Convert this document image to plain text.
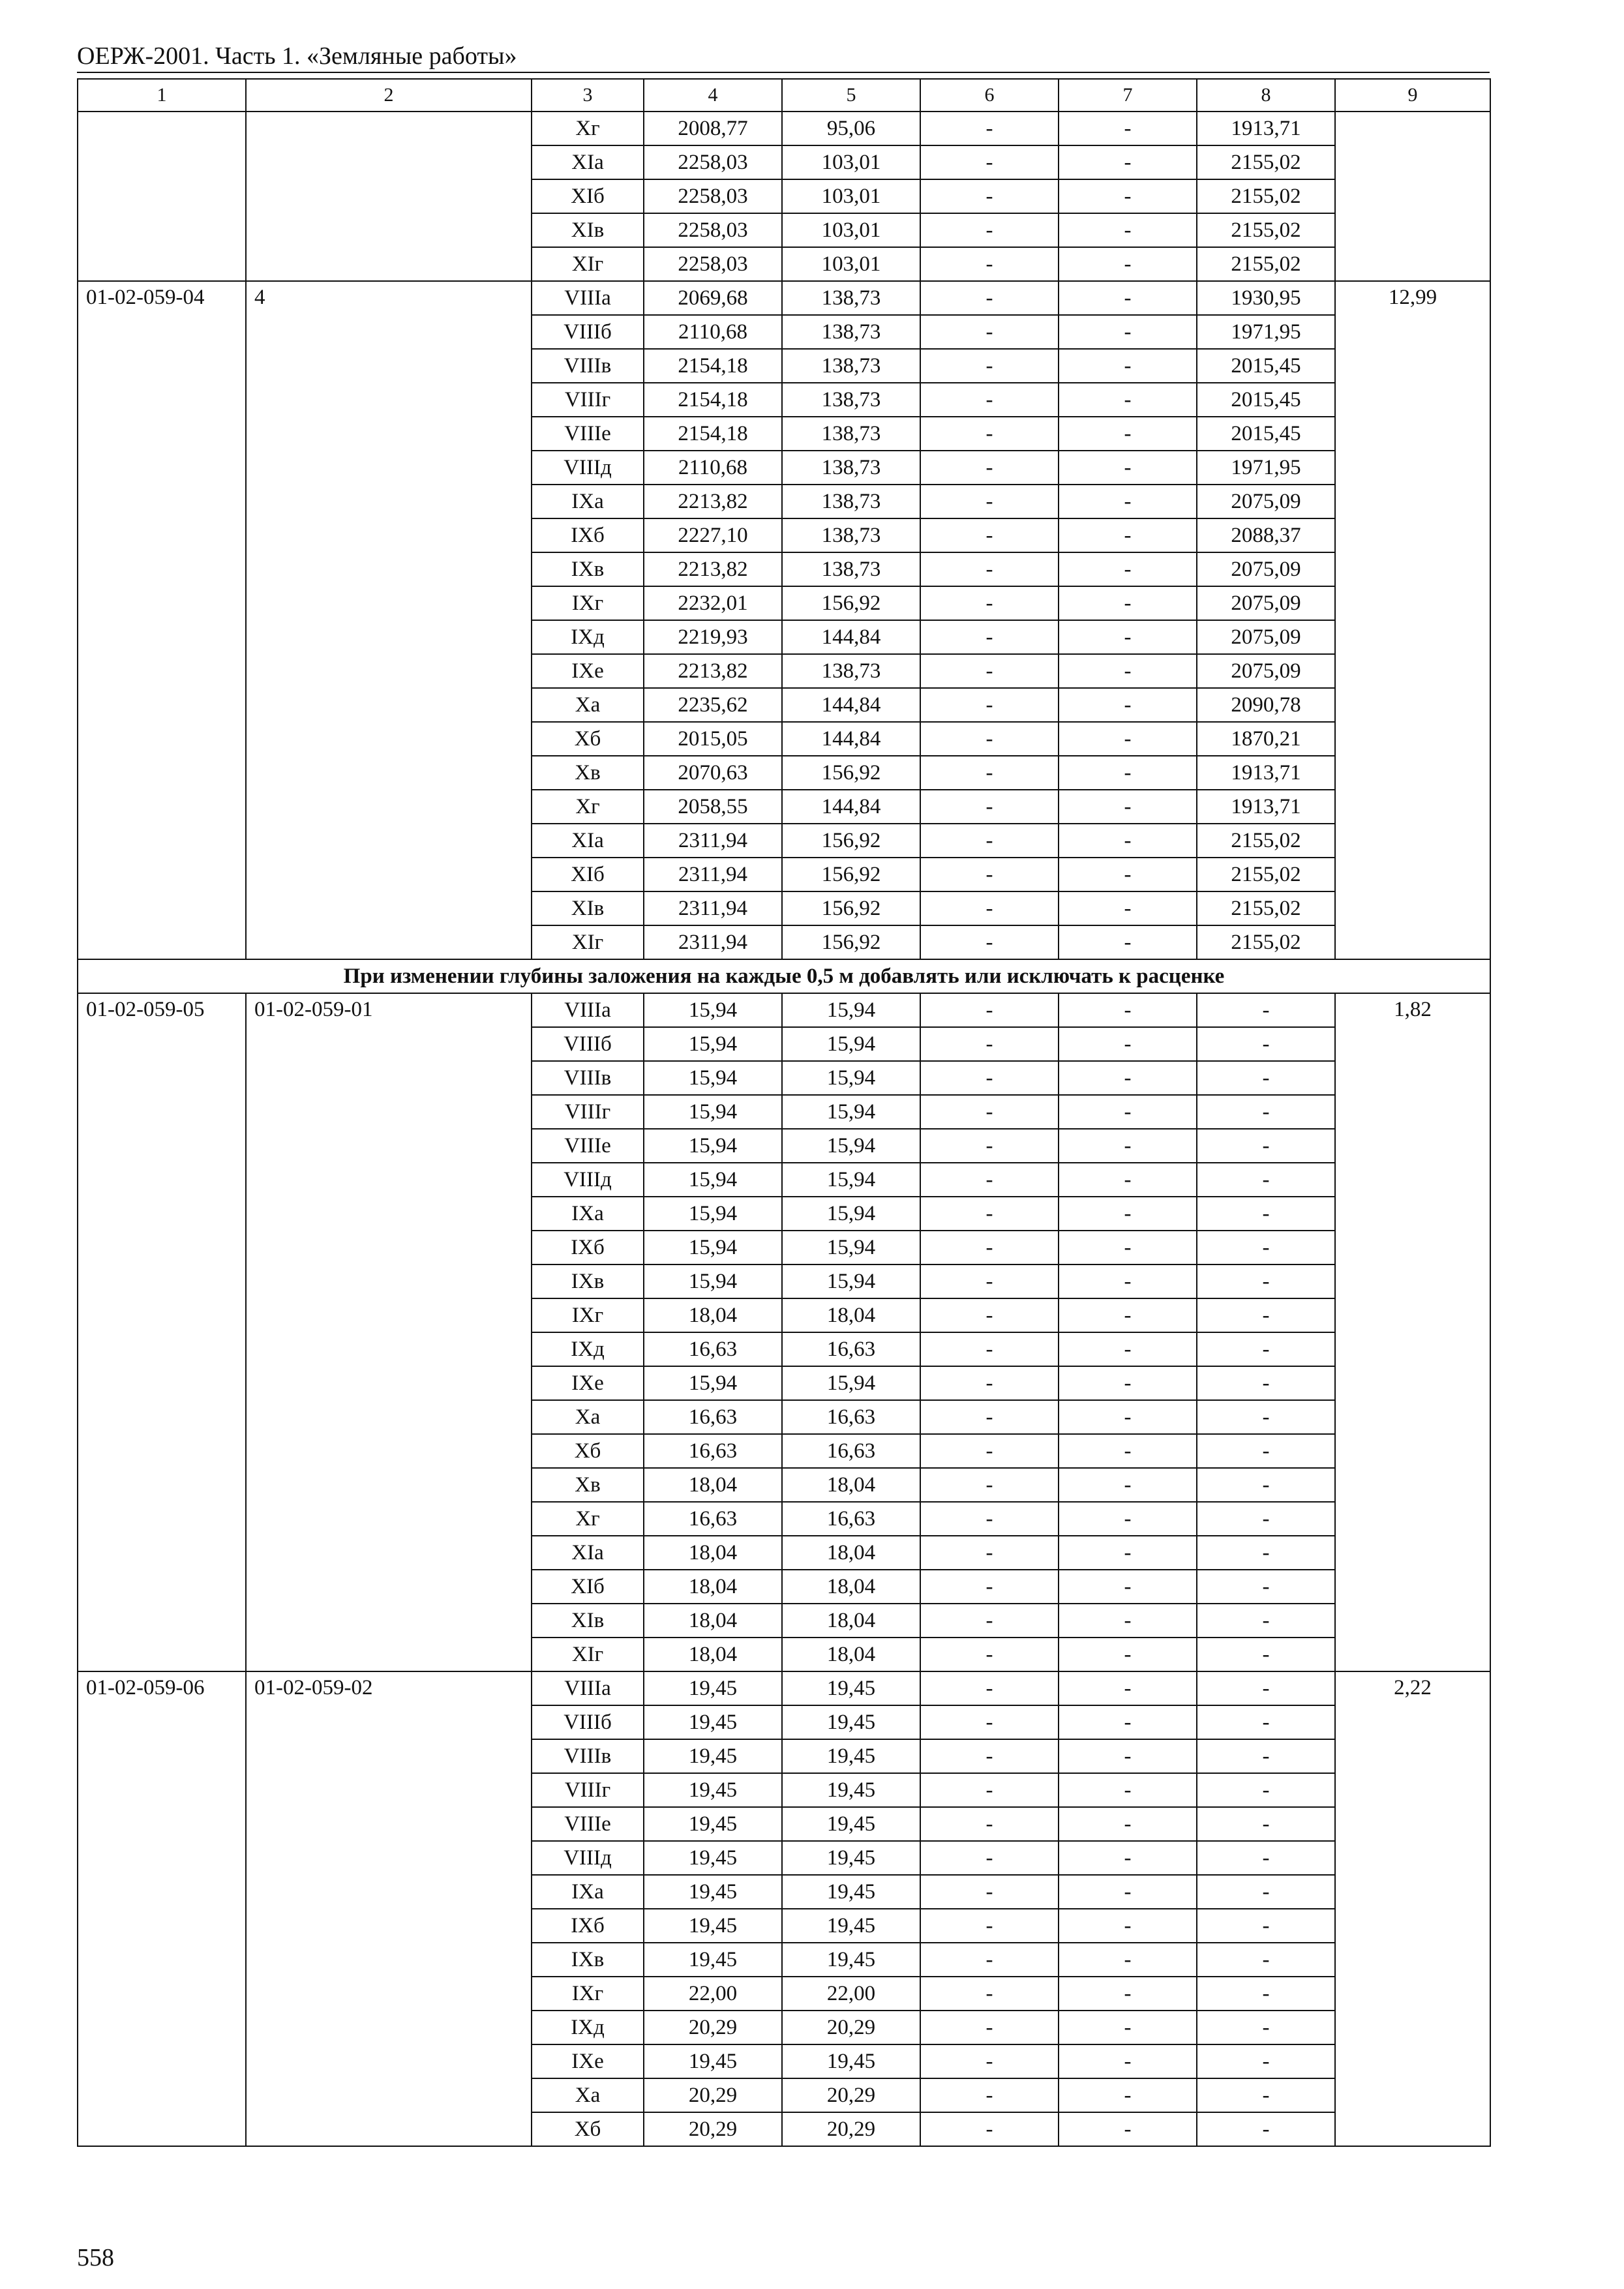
ОЕРЖ-2001. Часть 1. «Земляные работы»
1	2	3	4	5	6	7	8	9
		Хг	2008,77	95,06	-	-	1913,71	
		ХIа	2258,03	103,01	-	-	2155,02	
		ХIб	2258,03	103,01	-	-	2155,02	
		ХIв	2258,03	103,01	-	-	2155,02	
		ХIг	2258,03	103,01	-	-	2155,02	
01-02-059-04	4	VIIIа	2069,68	138,73	-	-	1930,95	12,99
		VIIIб	2110,68	138,73	-	-	1971,95	
		VIIIв	2154,18	138,73	-	-	2015,45	
		VIIIг	2154,18	138,73	-	-	2015,45	
		VIIIе	2154,18	138,73	-	-	2015,45	
		VIIIд	2110,68	138,73	-	-	1971,95	
		IХа	2213,82	138,73	-	-	2075,09	
		IХб	2227,10	138,73	-	-	2088,37	
		IХв	2213,82	138,73	-	-	2075,09	
		IХг	2232,01	156,92	-	-	2075,09	
		IХд	2219,93	144,84	-	-	2075,09	
		IХе	2213,82	138,73	-	-	2075,09	
		Ха	2235,62	144,84	-	-	2090,78	
		Хб	2015,05	144,84	-	-	1870,21	
		Хв	2070,63	156,92	-	-	1913,71	
		Хг	2058,55	144,84	-	-	1913,71	
		ХIа	2311,94	156,92	-	-	2155,02	
		ХIб	2311,94	156,92	-	-	2155,02	
		ХIв	2311,94	156,92	-	-	2155,02	
		ХIг	2311,94	156,92	-	-	2155,02	
При изменении глубины заложения на каждые 0,5 м добавлять или исключать к расценке								
01-02-059-05	01-02-059-01	VIIIа	15,94	15,94	-	-	-	1,82
		VIIIб	15,94	15,94	-	-	-	
		VIIIв	15,94	15,94	-	-	-	
		VIIIг	15,94	15,94	-	-	-	
		VIIIе	15,94	15,94	-	-	-	
		VIIIд	15,94	15,94	-	-	-	
		IХа	15,94	15,94	-	-	-	
		IХб	15,94	15,94	-	-	-	
		IХв	15,94	15,94	-	-	-	
		IХг	18,04	18,04	-	-	-	
		IХд	16,63	16,63	-	-	-	
		IХе	15,94	15,94	-	-	-	
		Ха	16,63	16,63	-	-	-	
		Хб	16,63	16,63	-	-	-	
		Хв	18,04	18,04	-	-	-	
		Хг	16,63	16,63	-	-	-	
		ХIа	18,04	18,04	-	-	-	
		ХIб	18,04	18,04	-	-	-	
		ХIв	18,04	18,04	-	-	-	
		ХIг	18,04	18,04	-	-	-	
01-02-059-06	01-02-059-02	VIIIа	19,45	19,45	-	-	-	2,22
		VIIIб	19,45	19,45	-	-	-	
		VIIIв	19,45	19,45	-	-	-	
		VIIIг	19,45	19,45	-	-	-	
		VIIIе	19,45	19,45	-	-	-	
		VIIIд	19,45	19,45	-	-	-	
		IХа	19,45	19,45	-	-	-	
		IХб	19,45	19,45	-	-	-	
		IХв	19,45	19,45	-	-	-	
		IХг	22,00	22,00	-	-	-	
		IХд	20,29	20,29	-	-	-	
		IХе	19,45	19,45	-	-	-	
		Ха	20,29	20,29	-	-	-	
		Хб	20,29	20,29	-	-	-	
558
